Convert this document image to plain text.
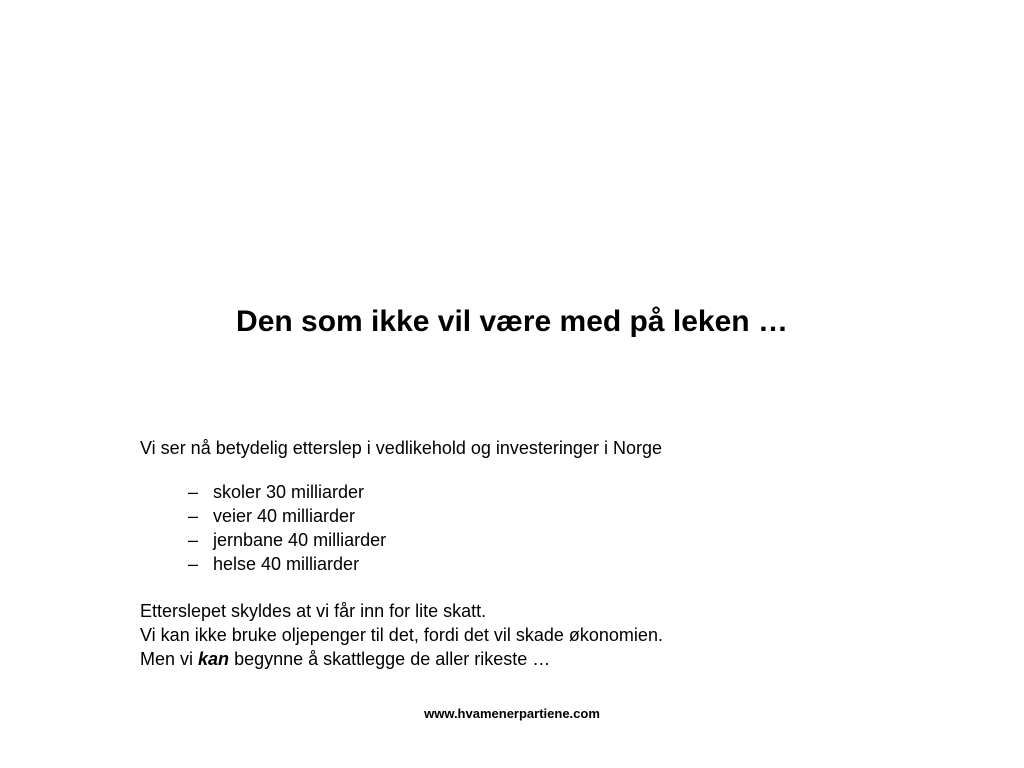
Den som ikke vil være med på leken …
Vi ser nå betydelig etterslep i vedlikehold og investeringer i Norge
– skoler 30 milliarder
– veier 40 milliarder
– jernbane 40 milliarder
– helse 40 milliarder
Etterslepet skyldes at vi får inn for lite skatt.
Vi kan ikke bruke oljepenger til det, fordi det vil skade økonomien.
Men vi kan begynne å skattlegge de aller rikeste …
www.hvamenerpartiene.com
